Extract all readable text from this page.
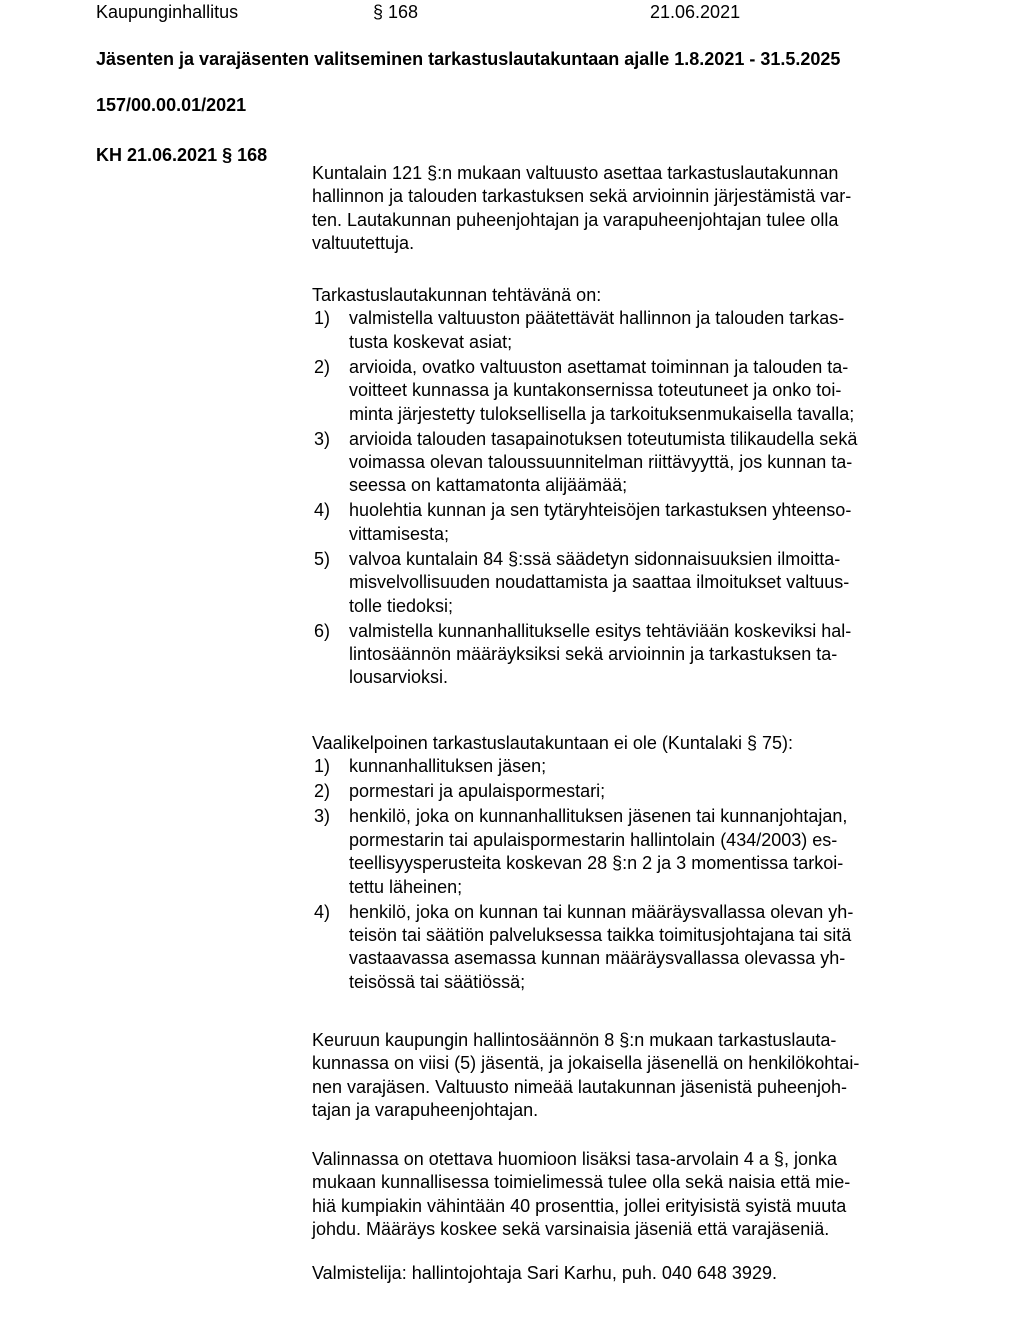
Kaupunginhallitus	§ 168	21.06.2021
Jäsenten ja varajäsenten valitseminen tarkastuslautakuntaan ajalle 1.8.2021 - 31.5.2025
157/00.00.01/2021
KH 21.06.2021 § 168

Kuntalain 121 §:n mukaan valtuusto asettaa tarkastuslautakunnan
hallinnon ja talouden tarkastuksen sekä arvioinnin järjestämistä var-
ten. Lautakunnan puheenjohtajan ja varapuheenjohtajan tulee olla
valtuutettuja.

Tarkastuslautakunnan tehtävänä on:

1) valmistella valtuuston päätettävät hallinnon ja talouden tarkas-
tusta koskevat asiat;
2) arvioida, ovatko valtuuston asettamat toiminnan ja talouden ta-
voitteet kunnassa ja kuntakonsernissa toteutuneet ja onko toi-
minta järjestetty tuloksellisella ja tarkoituksenmukaisella tavalla;
3) arvioida talouden tasapainotuksen toteutumista tilikaudella sekä
voimassa olevan taloussuunnitelman riittävyyttä, jos kunnan ta-
seessa on kattamatonta alijäämää;
4) huolehtia kunnan ja sen tytäryhteisöjen tarkastuksen yhteenso-
vittamisesta;
5) valvoa kuntalain 84 §:ssä säädetyn sidonnaisuuksien ilmoitta-
misvelvollisuuden noudattamista ja saattaa ilmoitukset valtuus-
tolle tiedoksi;
6) valmistella kunnanhallitukselle esitys tehtäviään koskeviksi hal-
lintosäännön määräyksiksi sekä arvioinnin ja tarkastuksen ta-
lousarvioksi.

Vaalikelpoinen tarkastuslautakuntaan ei ole (Kuntalaki § 75):

1) kunnanhallituksen jäsen;
2) pormestari ja apulaispormestari;
3) henkilö, joka on kunnanhallituksen jäsenen tai kunnanjohtajan,
pormestarin tai apulaispormestarin hallintolain (434/2003) es-
teellisyysperusteita koskevan 28 §:n 2 ja 3 momentissa tarkoi-
tettu läheinen;
4) henkilö, joka on kunnan tai kunnan määräysvallassa olevan yh-
teisön tai säätiön palveluksessa taikka toimitusjohtajana tai sitä
vastaavassa asemassa kunnan määräysvallassa olevassa yh-
teisössä tai säätiössä;

Keuruun kaupungin hallintosäännön 8 §:n mukaan tarkastuslauta-
kunnassa on viisi (5) jäsentä, ja jokaisella jäsenellä on henkilökohtai-
nen varajäsen. Valtuusto nimeää lautakunnan jäsenistä puheenjoh-
tajan ja varapuheenjohtajan.

Valinnassa on otettava huomioon lisäksi tasa-arvolain 4 a §, jonka
mukaan kunnallisessa toimielimessä tulee olla sekä naisia että mie-
hiä kumpiakin vähintään 40 prosenttia, jollei erityisistä syistä muuta
johdu. Määräys koskee sekä varsinaisia jäseniä että varajäseniä.

Valmistelija: hallintojohtaja Sari Karhu, puh. 040 648 3929.
